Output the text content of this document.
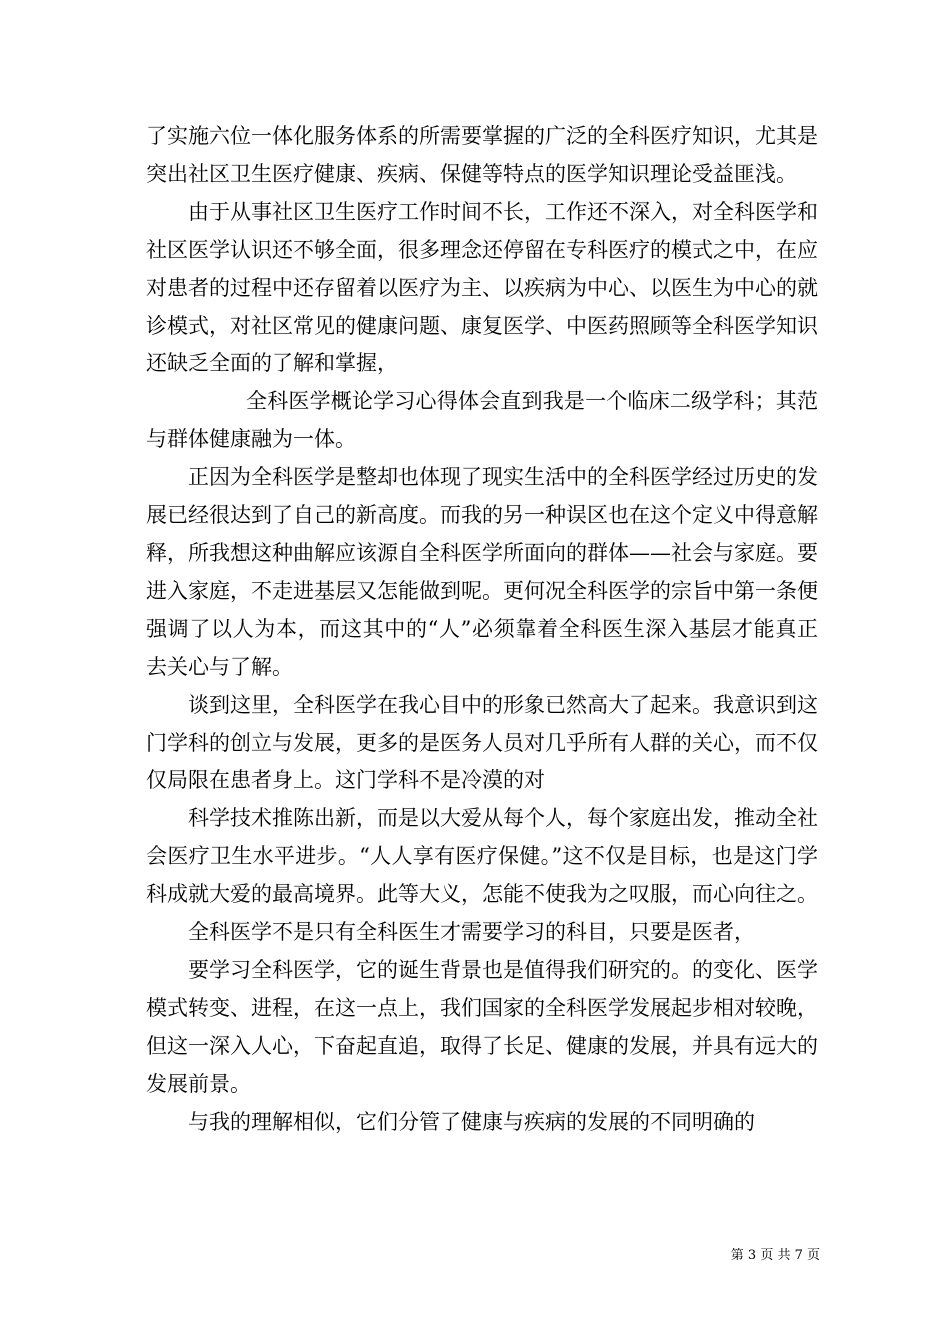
了实施六位一体化服务体系的所需要掌握的广泛的全科医疗知识，尤其是突出社区卫生医疗健康、疾病、保健等特点的医学知识理论受益匪浅。

由于从事社区卫生医疗工作时间不长，工作还不深入，对全科医学和社区医学认识还不够全面，很多理念还停留在专科医疗的模式之中，在应对患者的过程中还存留着以医疗为主、以疾病为中心、以医生为中心的就诊模式，对社区常见的健康问题、康复医学、中医药照顾等全科医学知识还缺乏全面的了解和掌握，

全科医学概论学习心得体会直到我是一个临床二级学科；其范与群体健康融为一体。

正因为全科医学是整却也体现了现实生活中的全科医学经过历史的发展已经很达到了自己的新高度。而我的另一种误区也在这个定义中得意解释，所我想这种曲解应该源自全科医学所面向的群体——社会与家庭。要进入家庭，不走进基层又怎能做到呢。更何况全科医学的宗旨中第一条便强调了以人为本，而这其中的“人”必须靠着全科医生深入基层才能真正去关心与了解。

谈到这里，全科医学在我心目中的形象已然高大了起来。我意识到这门学科的创立与发展，更多的是医务人员对几乎所有人群的关心，而不仅仅局限在患者身上。这门学科不是冷漠的对

科学技术推陈出新，而是以大爱从每个人，每个家庭出发，推动全社会医疗卫生水平进步。“人人享有医疗保健。”这不仅是目标，也是这门学科成就大爱的最高境界。此等大义，怎能不使我为之叹服，而心向往之。

全科医学不是只有全科医生才需要学习的科目，只要是医者，

要学习全科医学，它的诞生背景也是值得我们研究的。的变化、医学模式转变、进程，在这一点上，我们国家的全科医学发展起步相对较晚，但这一深入人心，下奋起直追，取得了长足、健康的发展，并具有远大的发展前景。

与我的理解相似，它们分管了健康与疾病的发展的不同明确的

第 3 页 共 7 页
